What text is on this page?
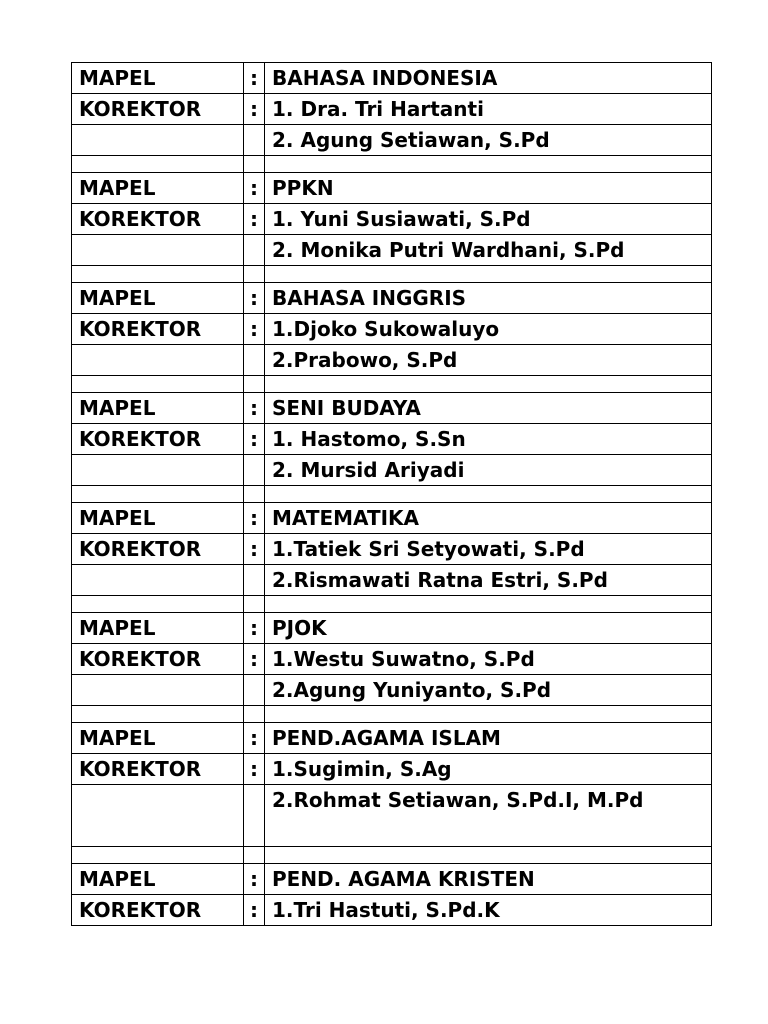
MAPEL	:	BAHASA INDONESIA
KOREKTOR	:	1. Dra. Tri Hartanti
		2. Agung Setiawan, S.Pd

MAPEL	:	PPKN
KOREKTOR	:	1. Yuni Susiawati, S.Pd
		2. Monika Putri Wardhani, S.Pd

MAPEL	:	BAHASA INGGRIS
KOREKTOR	:	1.Djoko Sukowaluyo
		2.Prabowo, S.Pd

MAPEL	:	SENI BUDAYA
KOREKTOR	:	1. Hastomo, S.Sn
		2. Mursid Ariyadi

MAPEL	:	MATEMATIKA
KOREKTOR	:	1.Tatiek Sri Setyowati, S.Pd
		2.Rismawati Ratna Estri, S.Pd

MAPEL	:	PJOK
KOREKTOR	:	1.Westu Suwatno, S.Pd
		2.Agung Yuniyanto, S.Pd

MAPEL	:	PEND.AGAMA ISLAM
KOREKTOR	:	1.Sugimin, S.Ag
		2.Rohmat Setiawan, S.Pd.I, M.Pd

MAPEL	:	PEND. AGAMA KRISTEN
KOREKTOR	:	1.Tri Hastuti, S.Pd.K
